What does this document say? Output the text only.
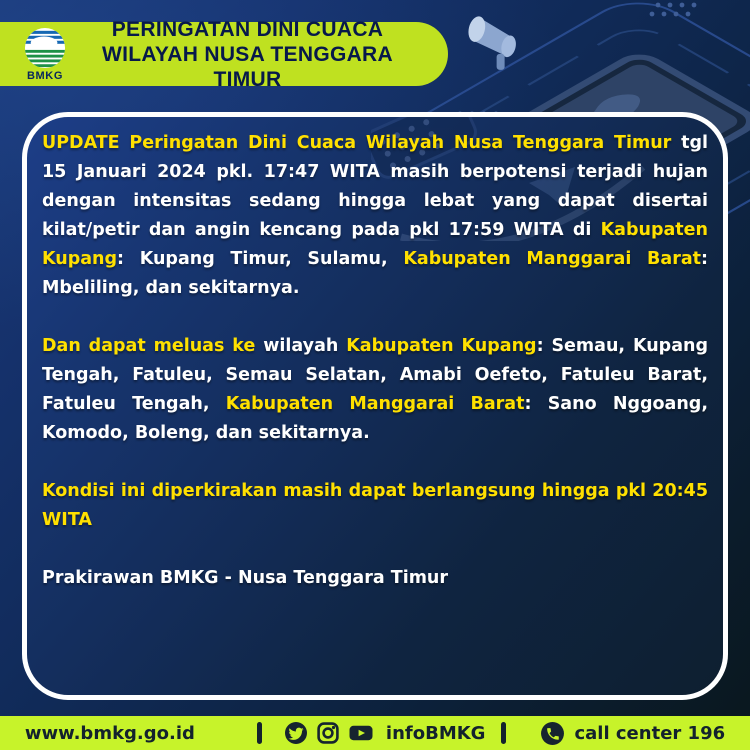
BMKG
PERINGATAN DINI CUACA
WILAYAH NUSA TENGGARA TIMUR

UPDATE Peringatan Dini Cuaca Wilayah Nusa Tenggara Timur tgl 15 Januari 2024 pkl. 17:47 WITA masih berpotensi terjadi hujan dengan intensitas sedang hingga lebat yang dapat disertai kilat/petir dan angin kencang pada pkl 17:59 WITA di Kabupaten Kupang: Kupang Timur, Sulamu, Kabupaten Manggarai Barat: Mbeliling, dan sekitarnya.

Dan dapat meluas ke wilayah Kabupaten Kupang: Semau, Kupang Tengah, Fatuleu, Semau Selatan, Amabi Oefeto, Fatuleu Barat, Fatuleu Tengah, Kabupaten Manggarai Barat: Sano Nggoang, Komodo, Boleng, dan sekitarnya.

Kondisi ini diperkirakan masih dapat berlangsung hingga pkl 20:45 WITA

Prakirawan BMKG - Nusa Tenggara Timur

www.bmkg.go.id	infoBMKG	call center 196
